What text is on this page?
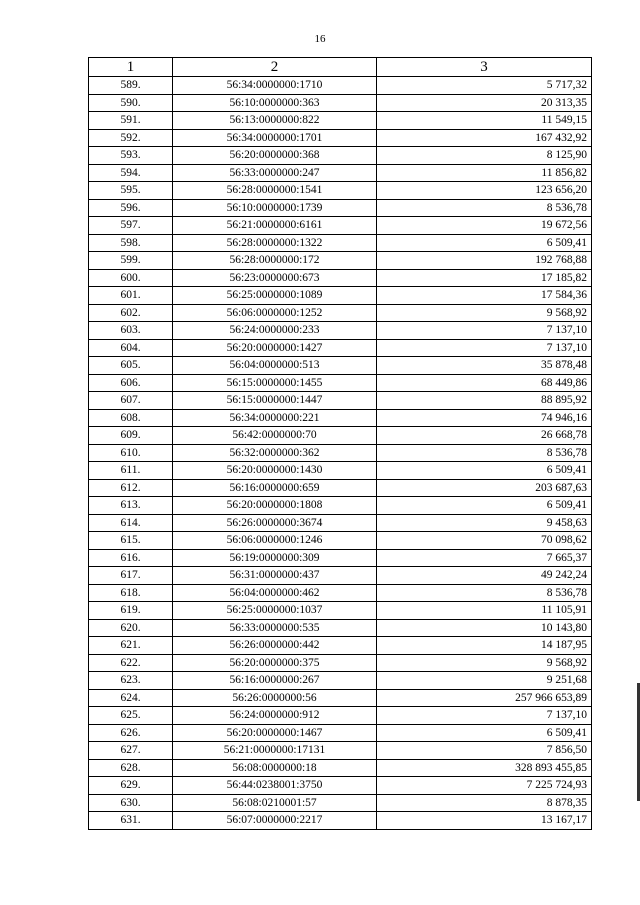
16
1	2	3
589.	56:34:0000000:1710	5 717,32
590.	56:10:0000000:363	20 313,35
591.	56:13:0000000:822	11 549,15
592.	56:34:0000000:1701	167 432,92
593.	56:20:0000000:368	8 125,90
594.	56:33:0000000:247	11 856,82
595.	56:28:0000000:1541	123 656,20
596.	56:10:0000000:1739	8 536,78
597.	56:21:0000000:6161	19 672,56
598.	56:28:0000000:1322	6 509,41
599.	56:28:0000000:172	192 768,88
600.	56:23:0000000:673	17 185,82
601.	56:25:0000000:1089	17 584,36
602.	56:06:0000000:1252	9 568,92
603.	56:24:0000000:233	7 137,10
604.	56:20:0000000:1427	7 137,10
605.	56:04:0000000:513	35 878,48
606.	56:15:0000000:1455	68 449,86
607.	56:15:0000000:1447	88 895,92
608.	56:34:0000000:221	74 946,16
609.	56:42:0000000:70	26 668,78
610.	56:32:0000000:362	8 536,78
611.	56:20:0000000:1430	6 509,41
612.	56:16:0000000:659	203 687,63
613.	56:20:0000000:1808	6 509,41
614.	56:26:0000000:3674	9 458,63
615.	56:06:0000000:1246	70 098,62
616.	56:19:0000000:309	7 665,37
617.	56:31:0000000:437	49 242,24
618.	56:04:0000000:462	8 536,78
619.	56:25:0000000:1037	11 105,91
620.	56:33:0000000:535	10 143,80
621.	56:26:0000000:442	14 187,95
622.	56:20:0000000:375	9 568,92
623.	56:16:0000000:267	9 251,68
624.	56:26:0000000:56	257 966 653,89
625.	56:24:0000000:912	7 137,10
626.	56:20:0000000:1467	6 509,41
627.	56:21:0000000:17131	7 856,50
628.	56:08:0000000:18	328 893 455,85
629.	56:44:0238001:3750	7 225 724,93
630.	56:08:0210001:57	8 878,35
631.	56:07:0000000:2217	13 167,17
